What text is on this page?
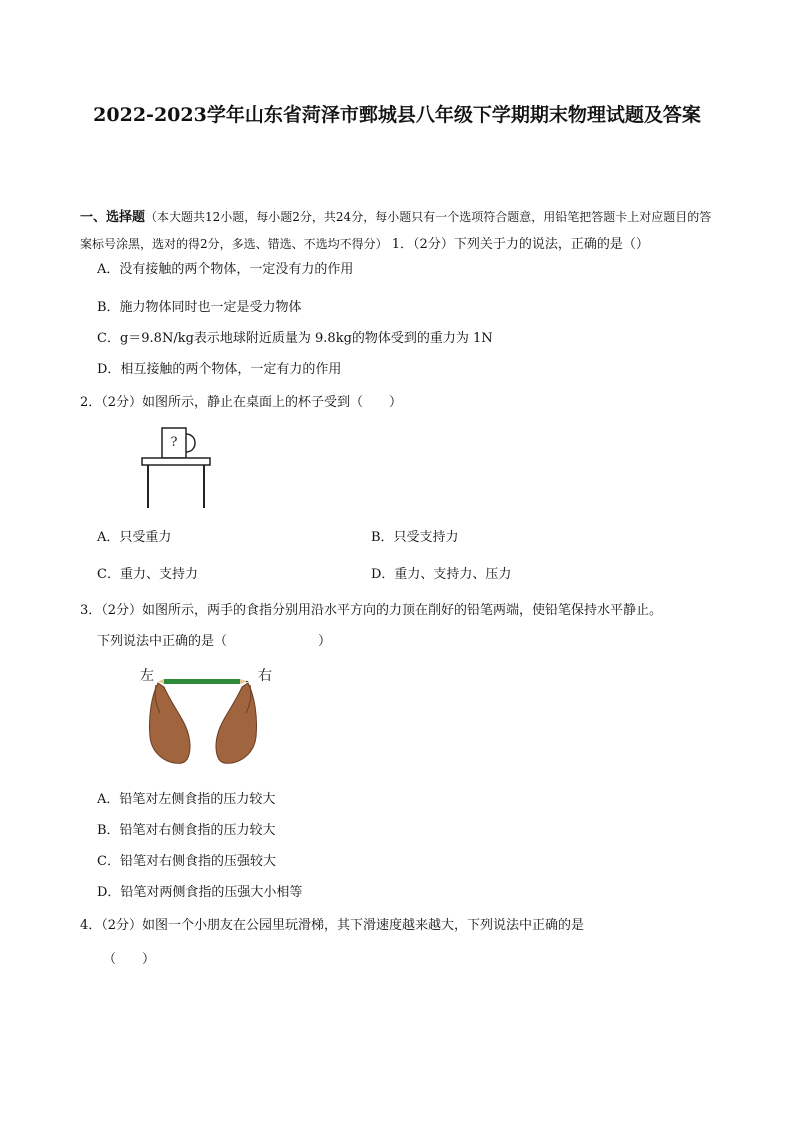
2022-2023学年山东省菏泽市鄄城县八年级下学期期末物理试题及答案
一、选择题（本大题共12小题，每小题2分，共24分，每小题只有一个选项符合题意，用铅笔把答题卡上对应题目的答案标号涂黑，选对的得2分，多选、错选、不选均不得分） 1．（2分）下列关于力的说法，正确的是（）
A．没有接触的两个物体，一定没有力的作用
B．施力物体同时也一定是受力物体
C．g＝9.8N/kg表示地球附近质量为 9.8kg的物体受到的重力为 1N
D．相互接触的两个物体，一定有力的作用
2．（2分）如图所示，静止在桌面上的杯子受到（　　）
?
A．只受重力	B．只受支持力
C．重力、支持力	D．重力、支持力、压力
3．（2分）如图所示，两手的食指分别用沿水平方向的力顶在削好的铅笔两端，使铅笔保持水平静止。
下列说法中正确的是（　　　　　　　）
左	右
A．铅笔对左侧食指的压力较大
B．铅笔对右侧食指的压力较大
C．铅笔对右侧食指的压强较大
D．铅笔对两侧食指的压强大小相等
4．（2分）如图一个小朋友在公园里玩滑梯，其下滑速度越来越大，下列说法中正确的是
（　　）
